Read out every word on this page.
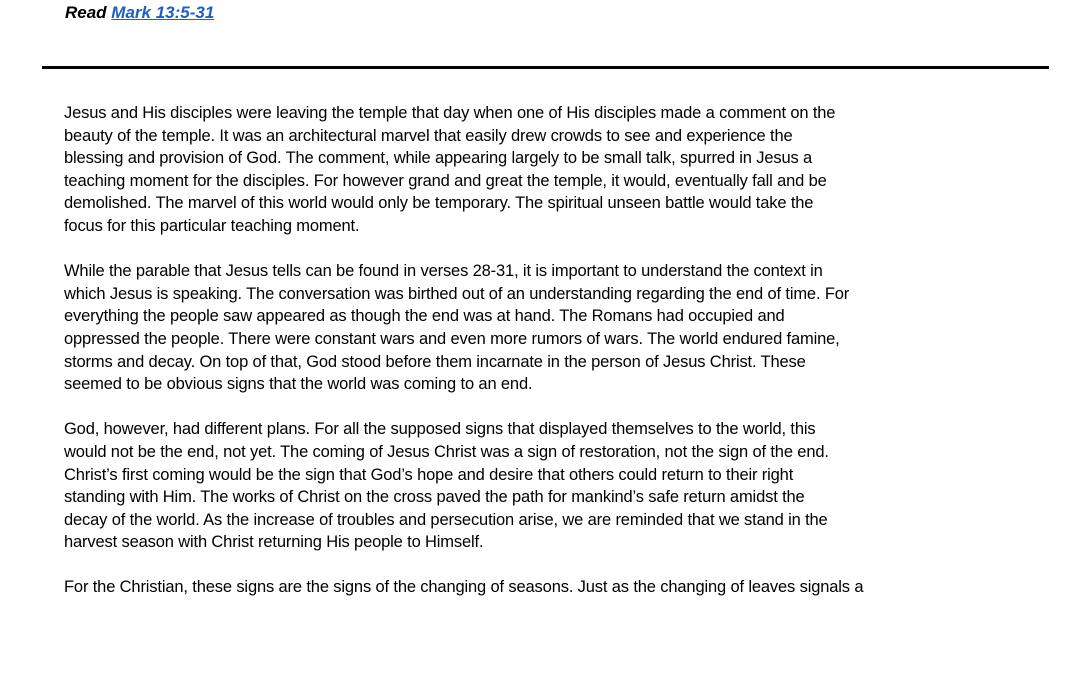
Read Mark 13:5-31

Jesus and His disciples were leaving the temple that day when one of His disciples made a comment on the
beauty of the temple. It was an architectural marvel that easily drew crowds to see and experience the
blessing and provision of God. The comment, while appearing largely to be small talk, spurred in Jesus a
teaching moment for the disciples. For however grand and great the temple, it would, eventually fall and be
demolished. The marvel of this world would only be temporary. The spiritual unseen battle would take the
focus for this particular teaching moment.

While the parable that Jesus tells can be found in verses 28-31, it is important to understand the context in
which Jesus is speaking. The conversation was birthed out of an understanding regarding the end of time. For
everything the people saw appeared as though the end was at hand. The Romans had occupied and
oppressed the people. There were constant wars and even more rumors of wars. The world endured famine,
storms and decay. On top of that, God stood before them incarnate in the person of Jesus Christ. These
seemed to be obvious signs that the world was coming to an end.

God, however, had different plans. For all the supposed signs that displayed themselves to the world, this
would not be the end, not yet. The coming of Jesus Christ was a sign of restoration, not the sign of the end.
Christ’s first coming would be the sign that God’s hope and desire that others could return to their right
standing with Him. The works of Christ on the cross paved the path for mankind’s safe return amidst the
decay of the world. As the increase of troubles and persecution arise, we are reminded that we stand in the
harvest season with Christ returning His people to Himself.

For the Christian, these signs are the signs of the changing of seasons. Just as the changing of leaves signals a
